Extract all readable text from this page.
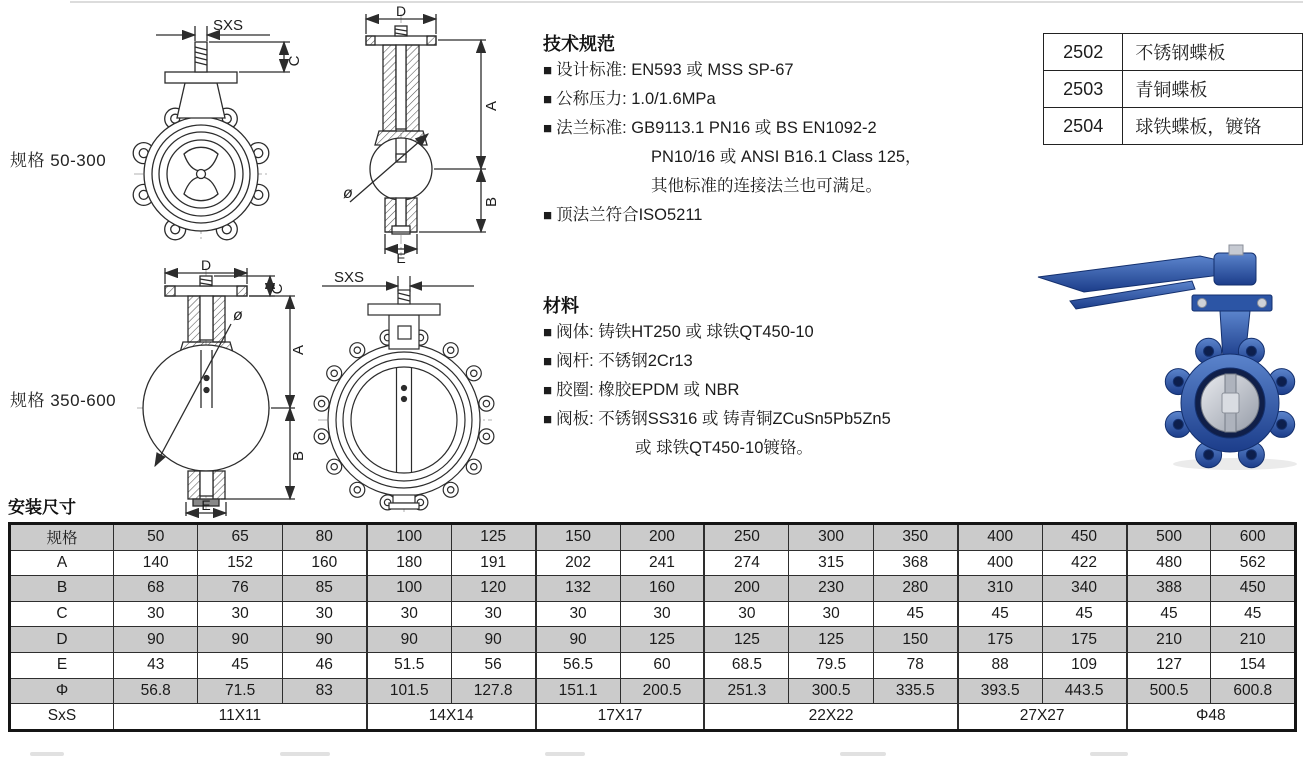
规格 50-300
规格 350-600
SXS
C
D
ø
E
A
B
D
C
ø
E
A
B
SXS
技术规范
■ 设计标准: EN593 或 MSS SP-67
■ 公称压力: 1.0/1.6MPa
■ 法兰标准: GB9113.1 PN16 或 BS EN1092-2
PN10/16 或 ANSI B16.1 Class 125，
其他标准的连接法兰也可满足。
■ 顶法兰符合ISO5211
材料
■ 阀体: 铸铁HT250 或 球铁QT450-10
■ 阀杆: 不锈钢2Cr13
■ 胶圈: 橡胶EPDM 或 NBR
■ 阀板: 不锈钢SS316 或 铸青铜ZCuSn5Pb5Zn5
或 球铁QT450-10镀铬。
2502	不锈钢蝶板
2503	青铜蝶板
2504	球铁蝶板，镀铬
安装尺寸
规格	50	65	80	100	125	150	200	250	300	350	400	450	500	600
A	140	152	160	180	191	202	241	274	315	368	400	422	480	562
B	68	76	85	100	120	132	160	200	230	280	310	340	388	450
C	30	30	30	30	30	30	30	30	30	45	45	45	45	45
D	90	90	90	90	90	90	125	125	125	150	175	175	210	210
E	43	45	46	51.5	56	56.5	60	68.5	79.5	78	88	109	127	154
Φ	56.8	71.5	83	101.5	127.8	151.1	200.5	251.3	300.5	335.5	393.5	443.5	500.5	600.8
SxS	11X11			14X14		17X17		22X22			27X27		Φ48	
